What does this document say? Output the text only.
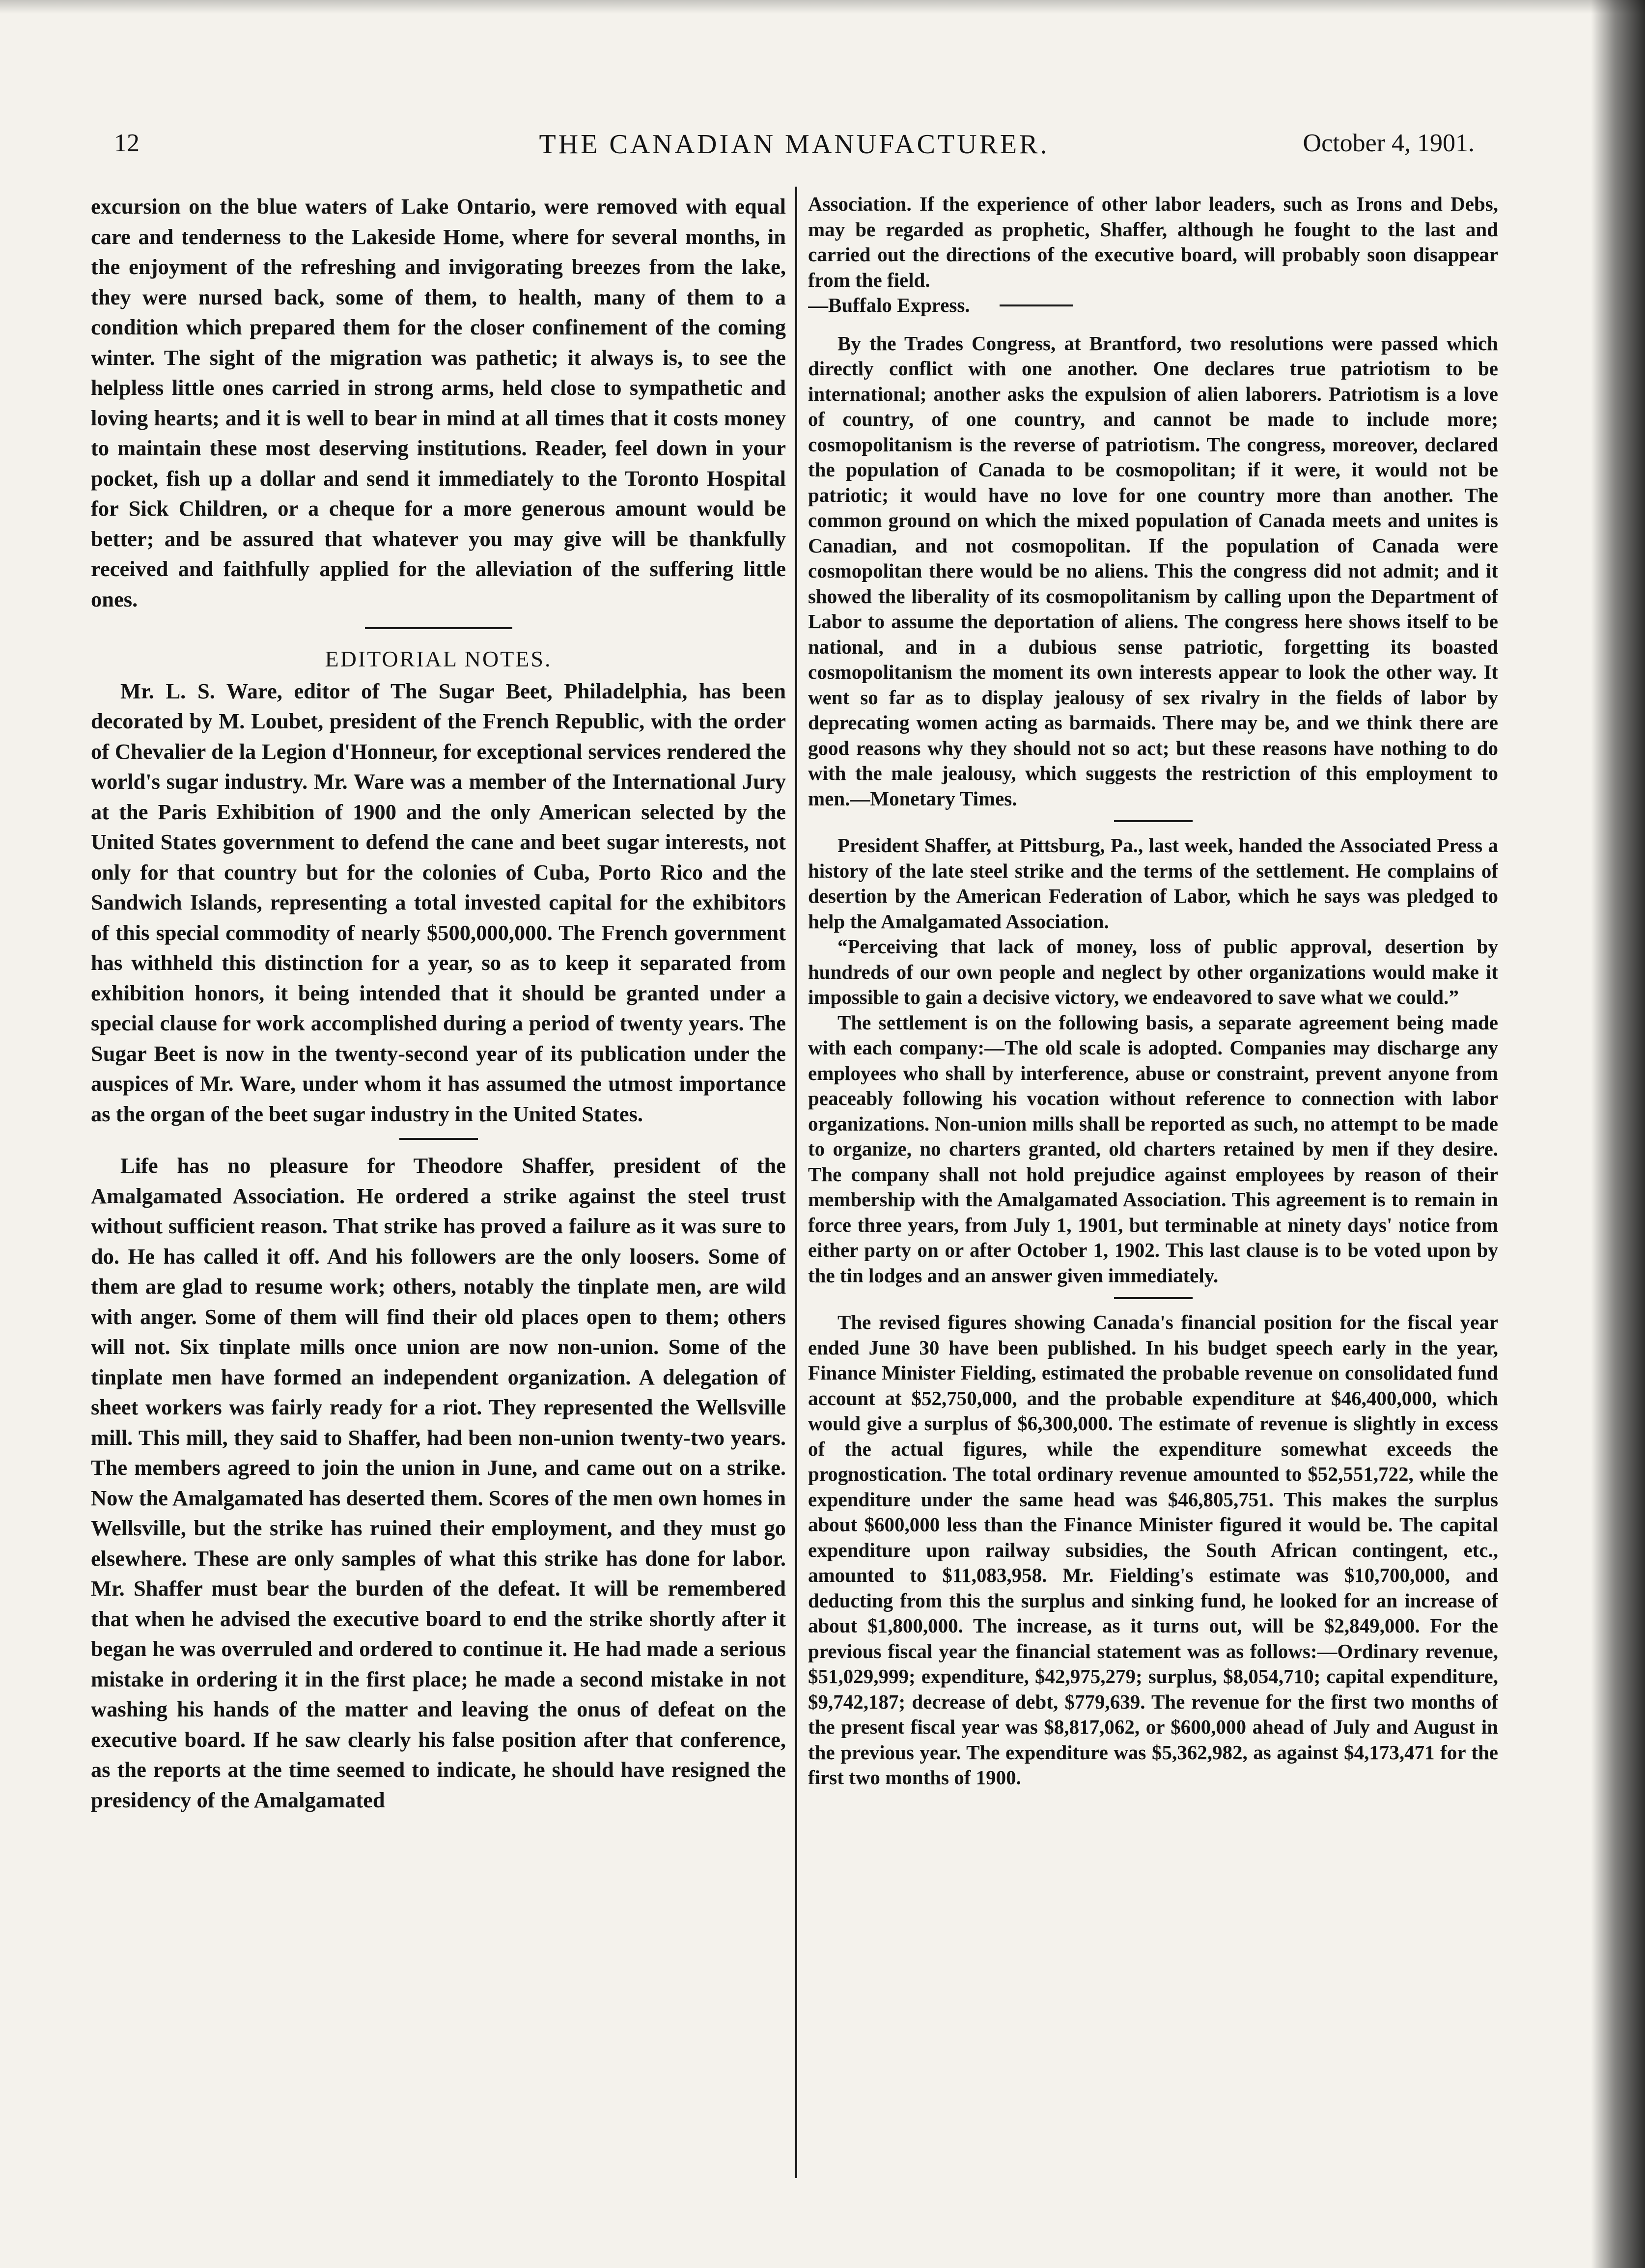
12	THE CANADIAN MANUFACTURER.	October 4, 1901.

excursion on the blue waters of Lake Ontario, were removed with equal care and tenderness to the Lakeside Home, where for several months, in the enjoyment of the refreshing and invigorating breezes from the lake, they were nursed back, some of them, to health, many of them to a condition which prepared them for the closer confinement of the coming winter. The sight of the migration was pathetic; it always is, to see the helpless little ones carried in strong arms, held close to sympathetic and loving hearts; and it is well to bear in mind at all times that it costs money to maintain these most deserving institutions. Reader, feel down in your pocket, fish up a dollar and send it immediately to the Toronto Hospital for Sick Children, or a cheque for a more generous amount would be better; and be assured that whatever you may give will be thankfully received and faithfully applied for the alleviation of the suffering little ones.

EDITORIAL NOTES.

Mr. L. S. Ware, editor of The Sugar Beet, Philadelphia, has been decorated by M. Loubet, president of the French Republic, with the order of Chevalier de la Legion d'Honneur, for exceptional services rendered the world's sugar industry. Mr. Ware was a member of the International Jury at the Paris Exhibition of 1900 and the only American selected by the United States government to defend the cane and beet sugar interests, not only for that country but for the colonies of Cuba, Porto Rico and the Sandwich Islands, representing a total invested capital for the exhibitors of this special commodity of nearly $500,000,000. The French government has withheld this distinction for a year, so as to keep it separated from exhibition honors, it being intended that it should be granted under a special clause for work accomplished during a period of twenty years. The Sugar Beet is now in the twenty-second year of its publication under the auspices of Mr. Ware, under whom it has assumed the utmost importance as the organ of the beet sugar industry in the United States.

Life has no pleasure for Theodore Shaffer, president of the Amalgamated Association. He ordered a strike against the steel trust without sufficient reason. That strike has proved a failure as it was sure to do. He has called it off. And his followers are the only loosers. Some of them are glad to resume work; others, notably the tinplate men, are wild with anger. Some of them will find their old places open to them; others will not. Six tinplate mills once union are now non-union. Some of the tinplate men have formed an independent organization. A delegation of sheet workers was fairly ready for a riot. They represented the Wellsville mill. This mill, they said to Shaffer, had been non-union twenty-two years. The members agreed to join the union in June, and came out on a strike. Now the Amalgamated has deserted them. Scores of the men own homes in Wellsville, but the strike has ruined their employment, and they must go elsewhere. These are only samples of what this strike has done for labor. Mr. Shaffer must bear the burden of the defeat. It will be remembered that when he advised the executive board to end the strike shortly after it began he was overruled and ordered to continue it. He had made a serious mistake in ordering it in the first place; he made a second mistake in not washing his hands of the matter and leaving the onus of defeat on the executive board. If he saw clearly his false position after that conference, as the reports at the time seemed to indicate, he should have resigned the presidency of the Amalgamated

Association. If the experience of other labor leaders, such as Irons and Debs, may be regarded as prophetic, Shaffer, although he fought to the last and carried out the directions of the executive board, will probably soon disappear from the field.

—Buffalo Express.

By the Trades Congress, at Brantford, two resolutions were passed which directly conflict with one another. One declares true patriotism to be international; another asks the expulsion of alien laborers. Patriotism is a love of country, of one country, and cannot be made to include more; cosmopolitanism is the reverse of patriotism. The congress, moreover, declared the population of Canada to be cosmopolitan; if it were, it would not be patriotic; it would have no love for one country more than another. The common ground on which the mixed population of Canada meets and unites is Canadian, and not cosmopolitan. If the population of Canada were cosmopolitan there would be no aliens. This the congress did not admit; and it showed the liberality of its cosmopolitanism by calling upon the Department of Labor to assume the deportation of aliens. The congress here shows itself to be national, and in a dubious sense patriotic, forgetting its boasted cosmopolitanism the moment its own interests appear to look the other way. It went so far as to display jealousy of sex rivalry in the fields of labor by deprecating women acting as barmaids. There may be, and we think there are good reasons why they should not so act; but these reasons have nothing to do with the male jealousy, which suggests the restriction of this employment to men.—Monetary Times.

President Shaffer, at Pittsburg, Pa., last week, handed the Associated Press a history of the late steel strike and the terms of the settlement. He complains of desertion by the American Federation of Labor, which he says was pledged to help the Amalgamated Association.

“Perceiving that lack of money, loss of public approval, desertion by hundreds of our own people and neglect by other organizations would make it impossible to gain a decisive victory, we endeavored to save what we could.”

The settlement is on the following basis, a separate agreement being made with each company:—The old scale is adopted. Companies may discharge any employees who shall by interference, abuse or constraint, prevent anyone from peaceably following his vocation without reference to connection with labor organizations. Non-union mills shall be reported as such, no attempt to be made to organize, no charters granted, old charters retained by men if they desire. The company shall not hold prejudice against employees by reason of their membership with the Amalgamated Association. This agreement is to remain in force three years, from July 1, 1901, but terminable at ninety days' notice from either party on or after October 1, 1902. This last clause is to be voted upon by the tin lodges and an answer given immediately.

The revised figures showing Canada's financial position for the fiscal year ended June 30 have been published. In his budget speech early in the year, Finance Minister Fielding, estimated the probable revenue on consolidated fund account at $52,750,000, and the probable expenditure at $46,400,000, which would give a surplus of $6,300,000. The estimate of revenue is slightly in excess of the actual figures, while the expenditure somewhat exceeds the prognostication. The total ordinary revenue amounted to $52,551,722, while the expenditure under the same head was $46,805,751. This makes the surplus about $600,000 less than the Finance Minister figured it would be. The capital expenditure upon railway subsidies, the South African contingent, etc., amounted to $11,083,958. Mr. Fielding's estimate was $10,700,000, and deducting from this the surplus and sinking fund, he looked for an increase of about $1,800,000. The increase, as it turns out, will be $2,849,000. For the previous fiscal year the financial statement was as follows:—Ordinary revenue, $51,029,999; expenditure, $42,975,279; surplus, $8,054,710; capital expenditure, $9,742,187; decrease of debt, $779,639. The revenue for the first two months of the present fiscal year was $8,817,062, or $600,000 ahead of July and August in the previous year. The expenditure was $5,362,982, as against $4,173,471 for the first two months of 1900.
